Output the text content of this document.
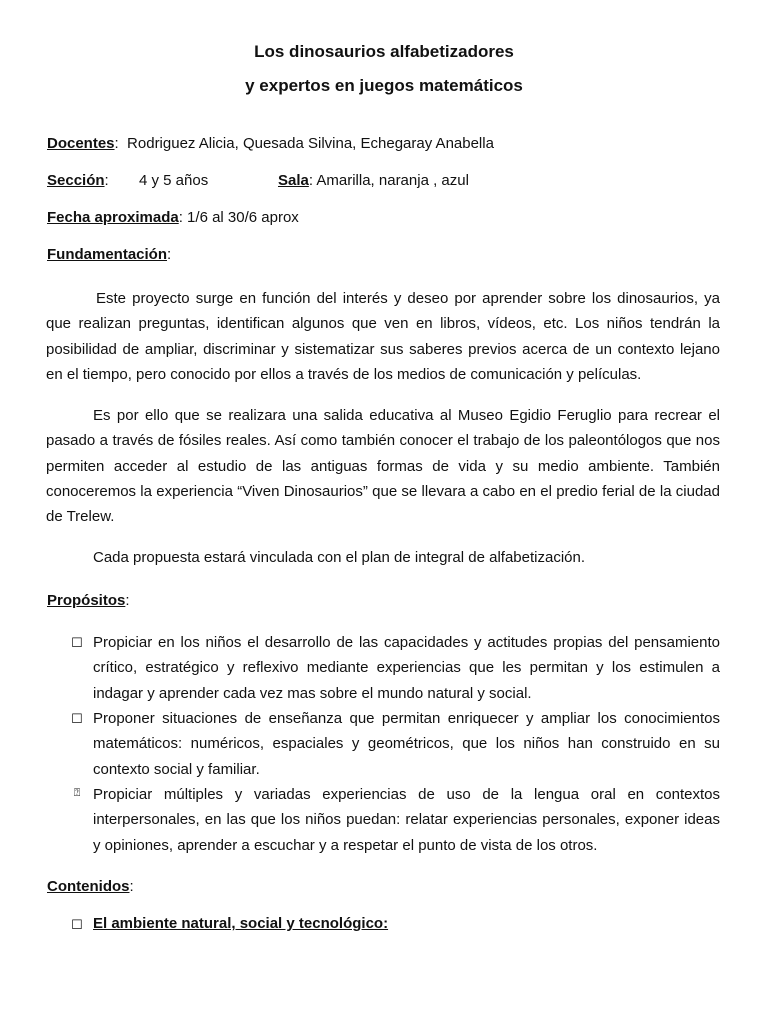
Los dinosaurios alfabetizadores
y expertos en juegos matemáticos
Docentes: Rodriguez Alicia, Quesada Silvina, Echegaray Anabella
Sección: 4 y 5 años	Sala: Amarilla, naranja , azul
Fecha aproximada: 1/6 al 30/6 aprox
Fundamentación:

Este proyecto surge en función del interés y deseo por aprender sobre los dinosaurios, ya que realizan preguntas, identifican algunos que ven en libros, vídeos, etc. Los niños tendrán la posibilidad de ampliar, discriminar y sistematizar sus saberes previos acerca de un contexto lejano en el tiempo, pero conocido por ellos a través de los medios de comunicación y películas.

Es por ello que se realizara una salida educativa al Museo Egidio Feruglio para recrear el pasado a través de fósiles reales. Así como también conocer el trabajo de los paleontólogos que nos permiten acceder al estudio de las antiguas formas de vida y su medio ambiente. También conoceremos la experiencia “Viven Dinosaurios” que se llevara a cabo en el predio ferial de la ciudad de Trelew.

Cada propuesta estará vinculada con el plan de integral de alfabetización.

Propósitos:
☐ Propiciar en los niños el desarrollo de las capacidades y actitudes propias del pensamiento crítico, estratégico y reflexivo mediante experiencias que les permitan y los estimulen a indagar y aprender cada vez mas sobre el mundo natural y social.

☐ Proponer situaciones de enseñanza que permitan enriquecer y ampliar los conocimientos matemáticos: numéricos, espaciales y geométricos, que los niños han construido en su contexto social y familiar.

⍰ Propiciar múltiples y variadas experiencias de uso de la lengua oral en contextos interpersonales, en las que los niños puedan: relatar experiencias personales, exponer ideas y opiniones, aprender a escuchar y a respetar el punto de vista de los otros.

Contenidos:
☐ El ambiente natural, social y tecnológico:
